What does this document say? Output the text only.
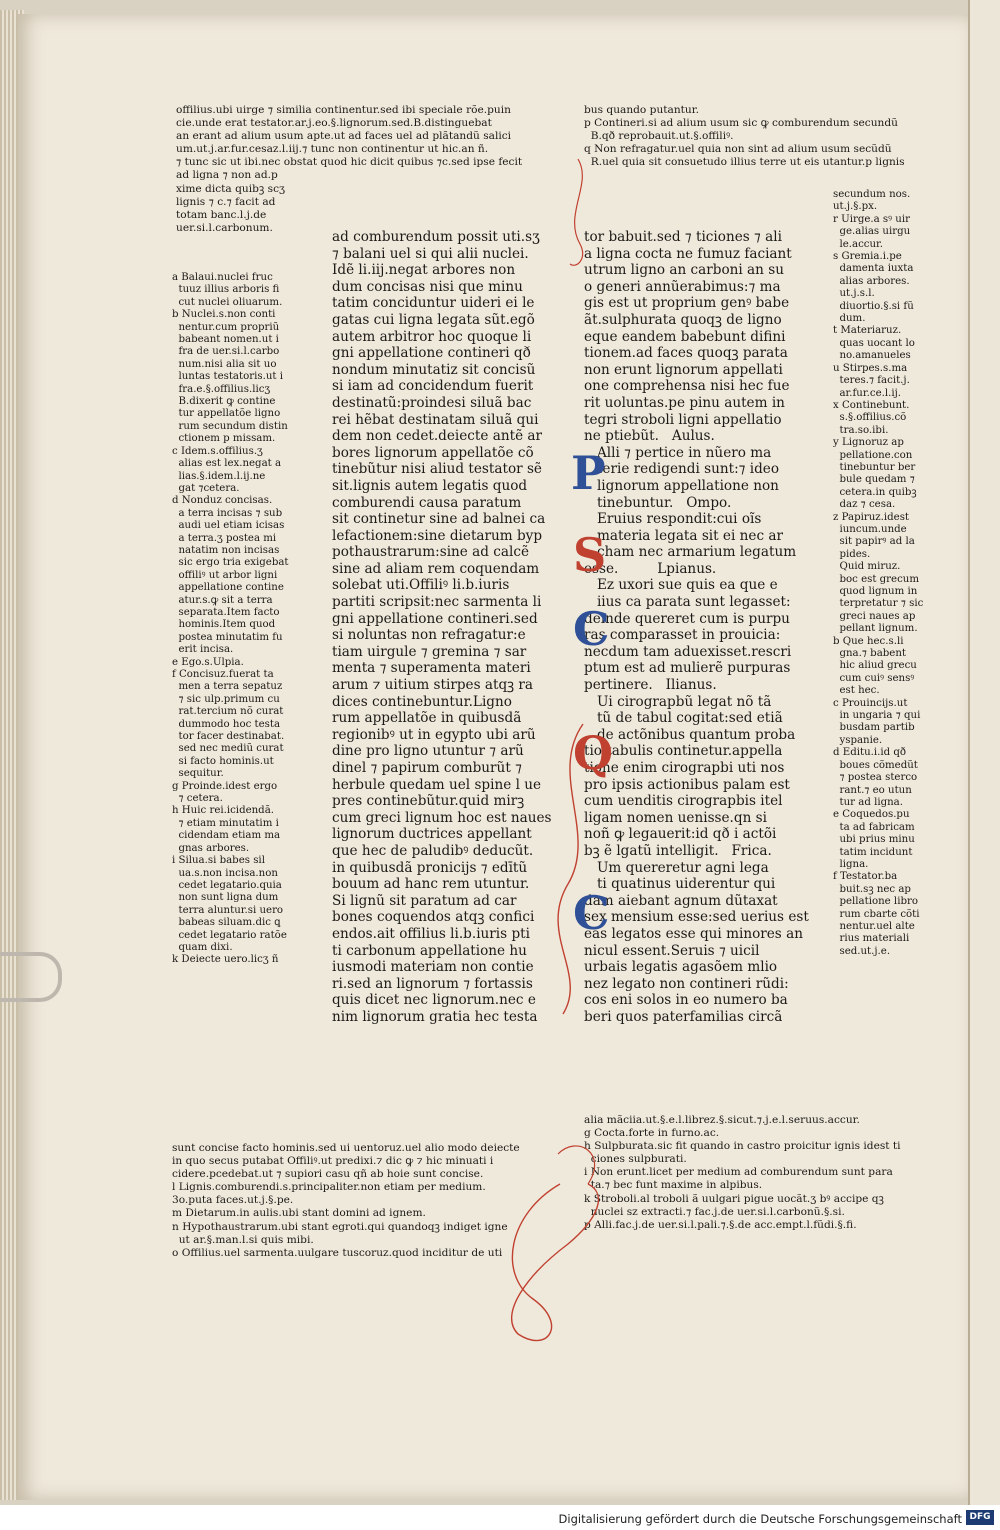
offilius.ubi uirge ⁊ similia continentur.sed ibi speciale rõe.puin
cie.unde erat testator.ar.ϳ.eo.§.lignorum.sed.B.distinguebat
an erant ad alium usum apte.ut ad faces uel ad plãtandũ salici
um.ut.ϳ.ar.fur.cesaz.l.iij.⁊ tunc non continentur ut hic.an ñ.
⁊ tunc sic ut ibi.nec obstat quod hic dicit quibus ⁊c.sed ipse fecit
ad ligna ⁊ non ad.p
xime dicta quibꝫ scʒ
lignis ⁊ c.⁊ facit ad
totam banc.l.ϳ.de
uer.si.l.carbonum.
a Balaui.nuclei fruc
tuuz illius arboris fi
cut nuclei oliuarum.
b Nuclei.s.non conti
nentur.cum propriũ
babeant nomen.ut i
fra de uer.si.l.carbo
num.nisi alia sit uo
luntas testatoris.ut i
fra.e.§.offilius.licʒ
B.dixerit ꝙ contine
tur appellatõe ligno
rum secundum distin
ctionem p missam.
c Idem.s.offilius.ʒ
alias est lex.negat a
lias.§.idem.l.ij.ne
gat ⁊cetera.
d Nonduz concisas.
a terra incisas ⁊ sub
audi uel etiam icisas
a terra.ʒ postea mi
natatim non incisas
sic ergo tria exigebat
offiliꝰ ut arbor ligni
appellatione contine
atur.s.ꝙ sit a terra
separata.Item facto
hominis.Item quod
postea minutatim fu
erit incisa.
e Ego.s.Ulpia.
f Concisuz.fuerat ta
men a terra sepatuz
⁊ sic ulp.primum cu
rat.tercium nõ curat
dummodo hoc testa
tor facer destinabat.
sed nec mediũ curat
si facto hominis.ut
sequitur.
g Proinde.idest ergo
⁊ cetera.
h Huic rei.icidendã.
⁊ etiam minutatim i
cidendam etiam ma
gnas arbores.
i Silua.si babes sil
ua.s.non incisa.non
cedet legatario.quia
non sunt ligna dum
terra aluntur.si uero
babeas siluam.dic ꝗ
cedet legatario ratõe
quam dixi.
k Deiecte uero.licʒ ñ
ad comburendum possit uti.sʒ
⁊ balani uel si qui alii nuclei.
Idẽ li.iij.negat arbores non
dum concisas nisi que minu
tatim conciduntur uideri ei le
gatas cui ligna legata sũt.egõ
autem arbitror hoc quoque li
gni appellatione contineri qð
nondum minutatiz sit concisũ
si iam ad concidendum fuerit
destinatũ:proindesi siluã bac
rei hẽbat destinatam siluã qui
dem non cedet.deiecte antẽ ar
bores lignorum appellatõe cõ
tinebũtur nisi aliud testator sẽ
sit.lignis autem legatis quod
comburendi causa paratum
sit continetur sine ad balnei ca
lefactionem:sine dietarum byp
pothaustrarum:sine ad calcẽ
sine ad aliam rem coquendam
solebat uti.Offiliꝰ li.b.iuris
partiti scripsit:nec sarmenta li
gni appellatione contineri.sed
si noluntas non refragatur:e
tiam uirgule ⁊ gremina ⁊ sar
menta ⁊ superamenta materi
arum ⁊ uitium stirpes atqꝫ ra
dices continebuntur.Ligno
rum appellatõe in quibusdã
regionibꝰ ut in egypto ubi arũ
dine pro ligno utuntur ⁊ arũ
dinel ⁊ papirum comburũt ⁊
herbule quedam uel spine l ue
pres continebũtur.quid mirꝫ
cum greci lignum hoc est naues
lignorum ductrices appellant
que hec de paludibꝰ deducũt.
in quibusdã pronicijs ⁊ edītũ
bouum ad hanc rem utuntur.
Si lignũ sit paratum ad car
bones coquendos atqꝫ confici
endos.ait offilius li.b.iuris pti
ti carbonum appellatione hu
iusmodi materiam non contie
ri.sed an lignorum ⁊ fortassis
quis dicet nec lignorum.nec e
nim lignorum gratia hec testa
sunt concise facto hominis.sed ui uentoruz.uel alio modo deiecte
in quo secus putabat Offiliꝰ.ut predixi.⁊ dic ꝙ ⁊ hic minuati i
cidere.pcedebat.ut ⁊ supiori casu qñ ab hoie sunt concise.
l Lignis.comburendi.s.principaliter.non etiam per medium.
3o.puta faces.ut.ϳ.§.pe.
m Dietarum.in aulis.ubi stant domini ad ignem.
n Hypothaustrarum.ubi stant egroti.qui quandoqꝫ indiget igne
ut ar.§.man.l.si quis mibi.
o Offilius.uel sarmenta.uulgare tuscoruz.quod inciditur de uti
bus quando putantur.
p Contineri.si ad alium usum sic ꝙ comburendum secundũ
B.qð reprobauit.ut.§.offiliꝰ.
q Non refragatur.uel quia non sint ad alium usum secũdũ
R.uel quia sit consuetudo illius terre ut eis utantur.p lignis
tor babuit.sed ⁊ ticiones ⁊ ali
a ligna cocta ne fumuz faciant
utrum ligno an carboni an su
o generi annũerabimus:⁊ ma
gis est ut proprium genꝰ babe
ãt.sulphurata quoqꝫ de ligno
eque eandem babebunt difini
tionem.ad faces quoqꝫ parata
non erunt lignorum appellati
one comprehensa nisi hec fue
rit uoluntas.pe pinu autem in
tegri stroboli ligni appellatio
ne ptiebũt.   Aulus.
Alli ⁊ pertice in nũero ma
terie redigendi sunt:⁊ ideo
lignorum appellatione non
tinebuntur.   Ompo.
Eruius respondit:cui oĩs
materia legata sit ei nec ar
cham nec armarium legatum
esse.         Lpianus.
Ez uxori sue quis ea que e
iius ca parata sunt legasset:
deinde quereret cum is purpu
ras comparasset in prouicia:
necdum tam aduexisset.rescri
ptum est ad mulierẽ purpuras
pertinere.   Ilianus.
Ui cirograpbũ legat nõ tã
tũ de tabul cogitat:sed etiã
de actõnibus quantum proba
tio tabulis continetur.appella
tione enim cirograpbi uti nos
pro ipsis actionibus palam est
cum uenditis cirograpbis itel
ligam nomen uenisse.qn si
noñ ꝙ legauerit:id qð i actõi
bꝫ ẽ lgatũ intelligit.   Frica.
Um quereretur agni lega
ti quatinus uiderentur qui
dam aiebant agnum dũtaxat
sex mensium esse:sed uerius est
eas legatos esse qui minores an
nicul essent.Seruis ⁊ uicil
urbais legatis agasõem mlio
nez legato non contineri rũdi:
cos eni solos in eo numero ba
beri quos paterfamilias circã
secundum nos.
ut.ϳ.§.px.
r Uirge.a sꝰ uir
ge.alias uirgu
le.accur.
s Gremia.i.pe
damenta iuxta
alias arbores.
ut.ϳ.s.l.
diuortio.§.si fũ
dum.
t Materiaruz.
quas uocant lo
no.amanueles
u Stirpes.s.ma
teres.⁊ facit.ϳ.
ar.fur.ce.l.ij.
x Continebunt.
s.§.offilius.cõ
tra.so.ibi.
y Lignoruz ap
pellatione.con
tinebuntur ber
bule quedam ⁊
cetera.in quibꝫ
daz ⁊ cesa.
z Papiruz.idest
iuncum.unde
sit papirꝰ ad la
pides.
Quid miruz.
boc est grecum
quod lignum in
terpretatur ⁊ sic
greci naues ap
pellant lignum.
b Que hec.s.li
gna.⁊ babent
hic aliud grecu
cum cuiꝰ sensꝰ
est hec.
c Prouincijs.ut
in ungaria ⁊ qui
busdam partib
yspanie.
d Editu.i.id qð
boues cõmedũt
⁊ postea sterco
rant.⁊ eo utun
tur ad ligna.
e Coquedos.pu
ta ad fabricam
ubi prius minu
tatim incidunt
ligna.
f Testator.ba
buit.sꝫ nec ap
pellatione libro
rum cbarte cõti
nentur.uel alte
rius materiali
sed.ut.ϳ.e.
alia mãciia.ut.§.e.l.librez.§.sicut.⁊.ϳ.e.l.seruus.accur.
g Cocta.forte in furno.ac.
h Sulpburata.sic fit quando in castro proicitur ignis idest ti
ciones sulpburati.
i Non erunt.licet per medium ad comburendum sunt para
ta.⁊ bec funt maxime in alpibus.
k Stroboli.al troboli ã uulgari pigue uocãt.ʒ bꝰ accipe qꝫ
nuclei sz extracti.⁊ fac.ϳ.de uer.si.l.carbonũ.§.si.
p Alli.fac.ϳ.de uer.si.l.pali.⁊.§.de acc.empt.l.fũdi.§.fi.
P
S
C
Q
C
Digitalisierung gefördert durch die Deutsche Forschungsgemeinschaft DFG
